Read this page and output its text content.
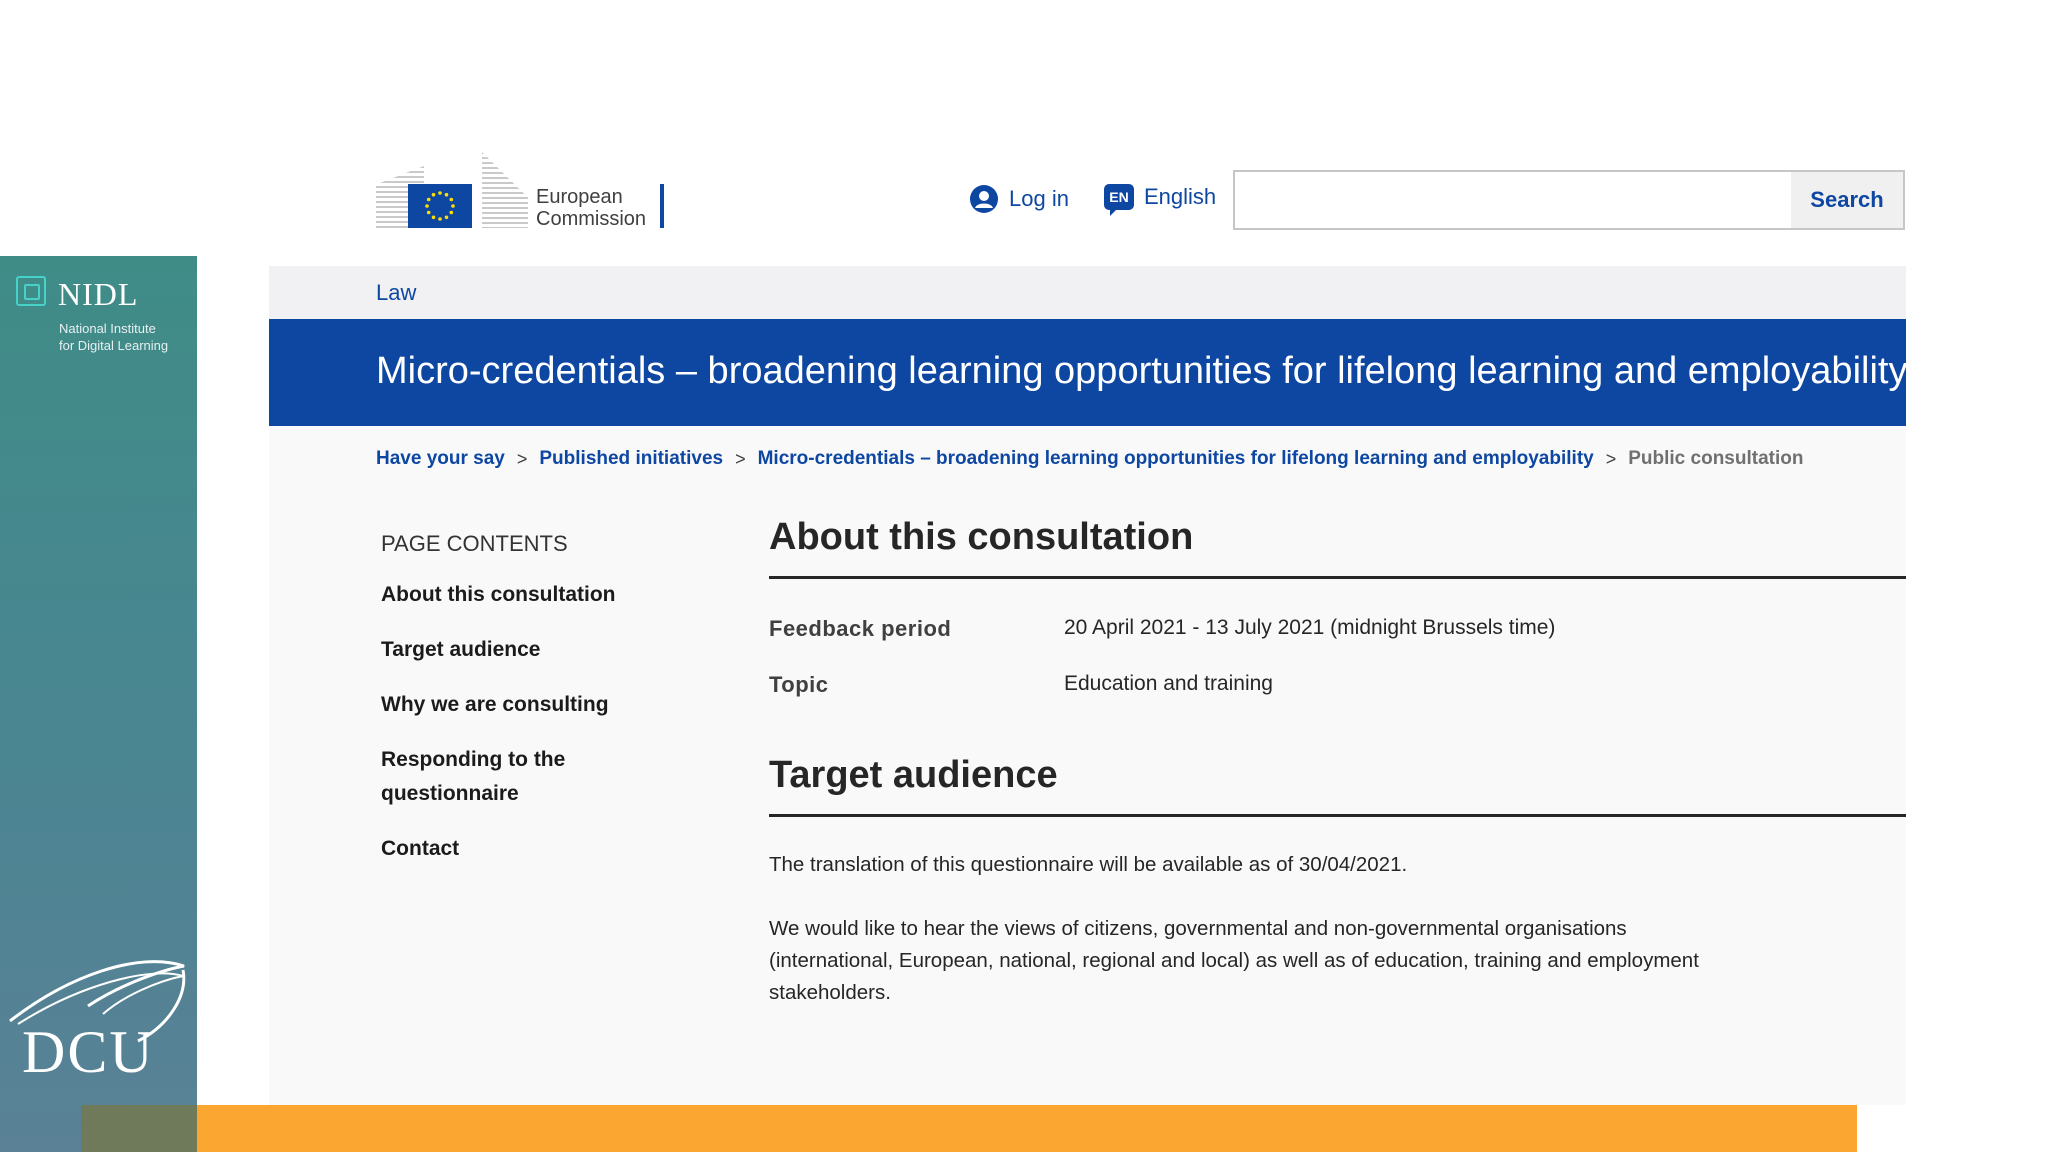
NIDL
National Institute
for Digital Learning
DCU
European
Commission
Log in	EN English	Search
Law
Micro-credentials – broadening learning opportunities for lifelong learning and employability
Have your say > Published initiatives > Micro-credentials – broadening learning opportunities for lifelong learning and employability > Public consultation
PAGE CONTENTS
About this consultation
Target audience
Why we are consulting
Responding to the questionnaire
Contact
About this consultation
Feedback period	20 April 2021 - 13 July 2021 (midnight Brussels time)
Topic	Education and training
Target audience
The translation of this questionnaire will be available as of 30/04/2021.
We would like to hear the views of citizens, governmental and non-governmental organisations (international, European, national, regional and local) as well as of education, training and employment stakeholders.
